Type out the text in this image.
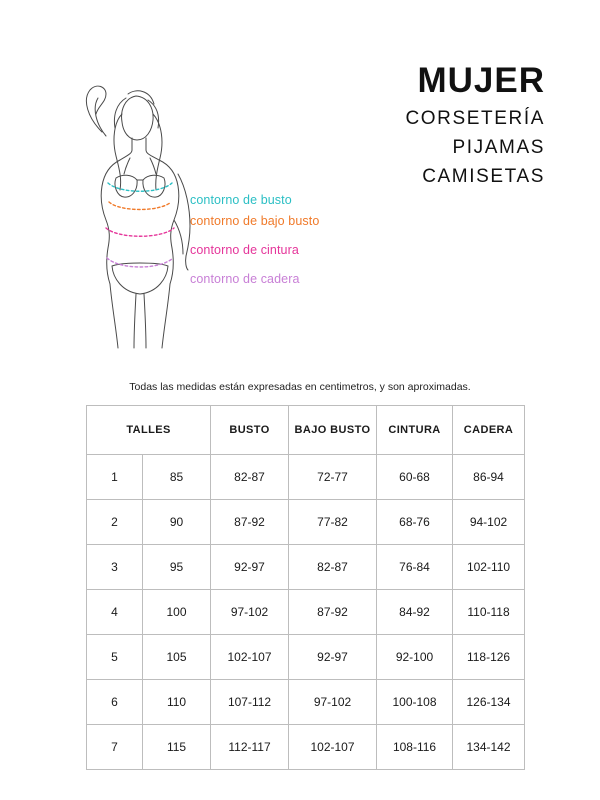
contorno de busto
contorno de bajo busto
contorno de cintura
contorno de cadera
MUJER
CORSETERÍA
PIJAMAS
CAMISETAS
Todas las medidas están expresadas en centimetros, y son aproximadas.
TALLES		BUSTO	BAJO BUSTO	CINTURA	CADERA
1	85	82-87	72-77	60-68	86-94
2	90	87-92	77-82	68-76	94-102
3	95	92-97	82-87	76-84	102-110
4	100	97-102	87-92	84-92	110-118
5	105	102-107	92-97	92-100	118-126
6	110	107-112	97-102	100-108	126-134
7	115	112-117	102-107	108-116	134-142
